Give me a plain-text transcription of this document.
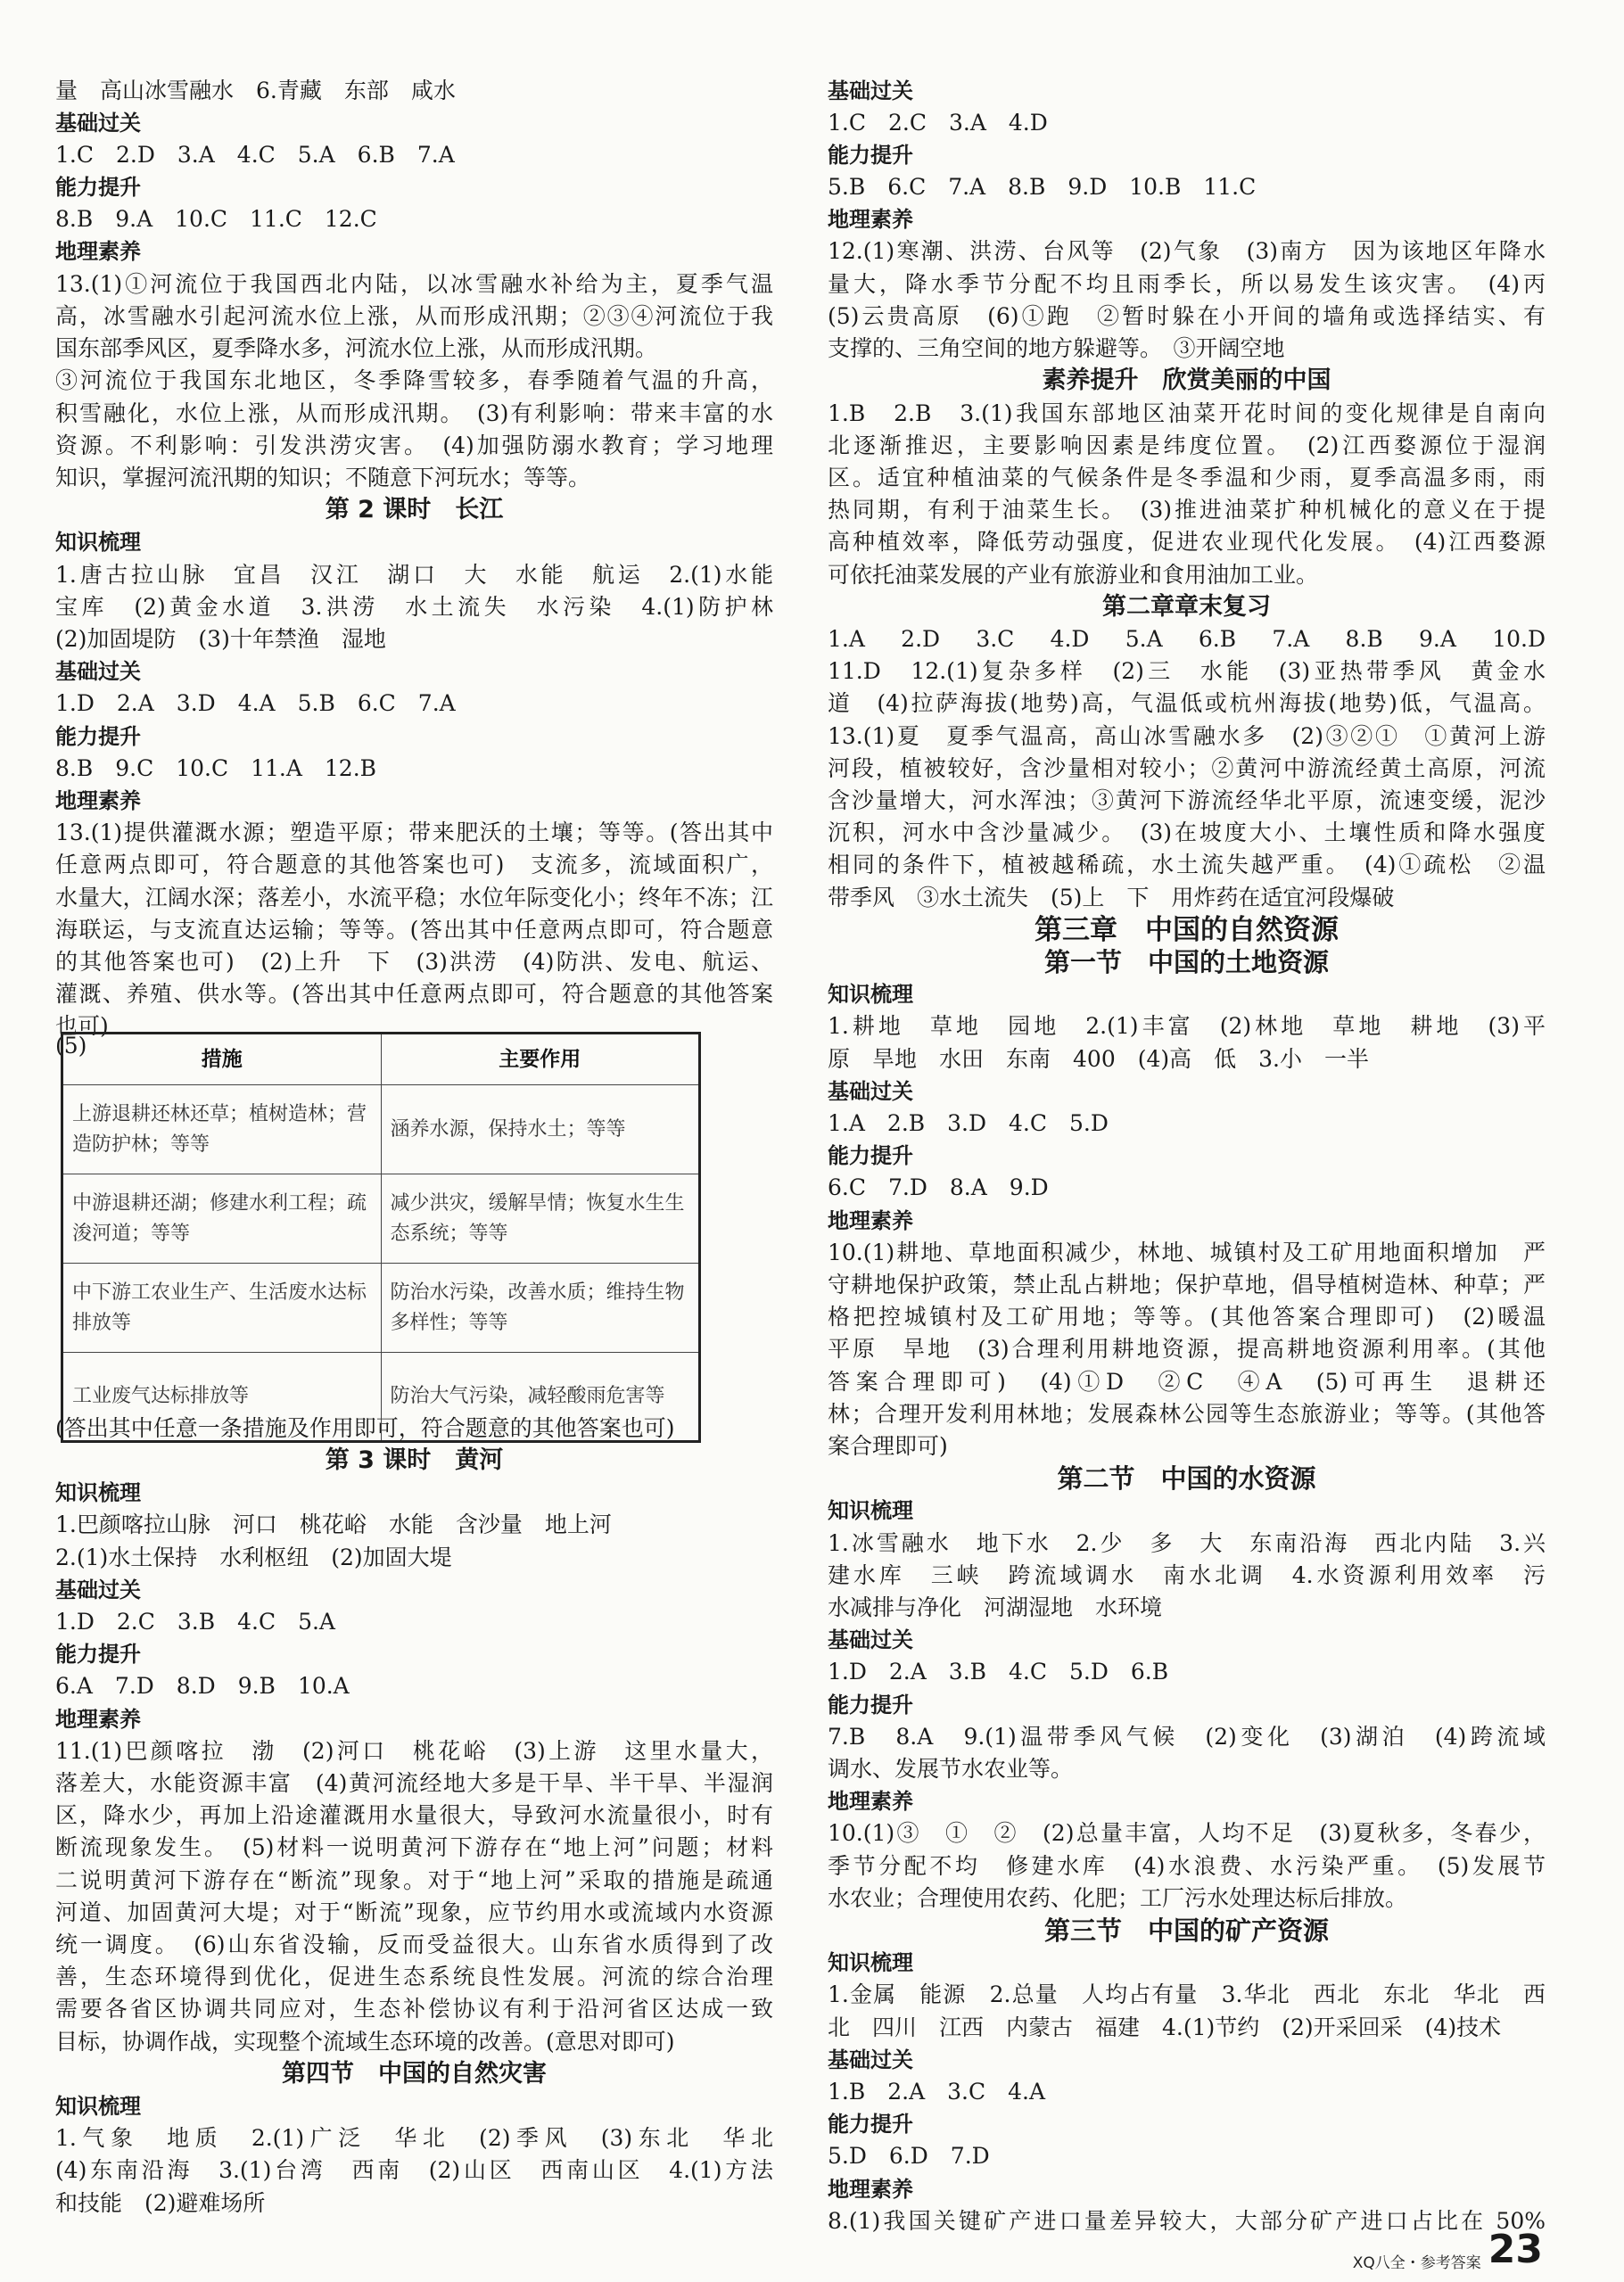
量　高山冰雪融水　6.青藏　东部　咸水
基础过关
1.C　2.D　3.A　4.C　5.A　6.B　7.A
能力提升
8.B　9.A　10.C　11.C　12.C
地理素养
13.(1)①河流位于我国西北内陆，以冰雪融水补给为主，夏季气温
高，冰雪融水引起河流水位上涨，从而形成汛期；②③④河流位于我
国东部季风区，夏季降水多，河流水位上涨，从而形成汛期。
③河流位于我国东北地区，冬季降雪较多，春季随着气温的升高，
积雪融化，水位上涨，从而形成汛期。　(3)有利影响：带来丰富的水
资源。不利影响：引发洪涝灾害。　(4)加强防溺水教育；学习地理
知识，掌握河流汛期的知识；不随意下河玩水；等等。
第 2 课时　长江
知识梳理
1.唐古拉山脉　宜昌　汉江　湖口　大　水能　航运　2.(1)水能
宝库　(2)黄金水道　3.洪涝　水土流失　水污染　4.(1)防护林
(2)加固堤防　(3)十年禁渔　湿地
基础过关
1.D　2.A　3.D　4.A　5.B　6.C　7.A
能力提升
8.B　9.C　10.C　11.A　12.B
地理素养
13.(1)提供灌溉水源；塑造平原；带来肥沃的土壤；等等。(答出其中
任意两点即可，符合题意的其他答案也可)　支流多，流域面积广，
水量大，江阔水深；落差小，水流平稳；水位年际变化小；终年不冻；江
海联运，与支流直达运输；等等。(答出其中任意两点即可，符合题意
的其他答案也可)　(2)上升　下　(3)洪涝　(4)防洪、发电、航运、
灌溉、养殖、供水等。(答出其中任意两点即可，符合题意的其他答案
也可)
(5)
(答出其中任意一条措施及作用即可，符合题意的其他答案也可)
第 3 课时　黄河
知识梳理
1.巴颜喀拉山脉　河口　桃花峪　水能　含沙量　地上河
2.(1)水土保持　水利枢纽　(2)加固大堤
基础过关
1.D　2.C　3.B　4.C　5.A
能力提升
6.A　7.D　8.D　9.B　10.A
地理素养
11.(1)巴颜喀拉　渤　(2)河口　桃花峪　(3)上游　这里水量大，
落差大，水能资源丰富　(4)黄河流经地大多是干旱、半干旱、半湿润
区，降水少，再加上沿途灌溉用水量很大，导致河水流量很小，时有
断流现象发生。　(5)材料一说明黄河下游存在“地上河”问题；材料
二说明黄河下游存在“断流”现象。对于“地上河”采取的措施是疏通
河道、加固黄河大堤；对于“断流”现象，应节约用水或流域内水资源
统一调度。　(6)山东省没输，反而受益很大。山东省水质得到了改
善，生态环境得到优化，促进生态系统良性发展。河流的综合治理
需要各省区协调共同应对，生态补偿协议有利于沿河省区达成一致
目标，协调作战，实现整个流域生态环境的改善。(意思对即可)
第四节　中国的自然灾害
知识梳理
1.气象　地质　2.(1)广泛　华北　(2)季风　(3)东北　华北
(4)东南沿海　3.(1)台湾　西南　(2)山区　西南山区　4.(1)方法
和技能　(2)避难场所
基础过关
1.C　2.C　3.A　4.D
能力提升
5.B　6.C　7.A　8.B　9.D　10.B　11.C
地理素养
12.(1)寒潮、洪涝、台风等　(2)气象　(3)南方　因为该地区年降水
量大，降水季节分配不均且雨季长，所以易发生该灾害。　(4)丙
(5)云贵高原　(6)①跑　②暂时躲在小开间的墙角或选择结实、有
支撑的、三角空间的地方躲避等。　③开阔空地
素养提升　欣赏美丽的中国
1.B　2.B　3.(1)我国东部地区油菜开花时间的变化规律是自南向
北逐渐推迟，主要影响因素是纬度位置。　(2)江西婺源位于湿润
区。适宜种植油菜的气候条件是冬季温和少雨，夏季高温多雨，雨
热同期，有利于油菜生长。　(3)推进油菜扩种机械化的意义在于提
高种植效率，降低劳动强度，促进农业现代化发展。　(4)江西婺源
可依托油菜发展的产业有旅游业和食用油加工业。
第二章章末复习
1.A　2.D　3.C　4.D　5.A　6.B　7.A　8.B　9.A　10.D
11.D　12.(1)复杂多样　(2)三　水能　(3)亚热带季风　黄金水
道　(4)拉萨海拔(地势)高，气温低或杭州海拔(地势)低，气温高。
13.(1)夏　夏季气温高，高山冰雪融水多　(2)③②①　①黄河上游
河段，植被较好，含沙量相对较小；②黄河中游流经黄土高原，河流
含沙量增大，河水浑浊；③黄河下游流经华北平原，流速变缓，泥沙
沉积，河水中含沙量减少。　(3)在坡度大小、土壤性质和降水强度
相同的条件下，植被越稀疏，水土流失越严重。　(4)①疏松　②温
带季风　③水土流失　(5)上　下　用炸药在适宜河段爆破
第三章　中国的自然资源
第一节　中国的土地资源
知识梳理
1.耕地　草地　园地　2.(1)丰富　(2)林地　草地　耕地　(3)平
原　旱地　水田　东南　400　(4)高　低　3.小　一半
基础过关
1.A　2.B　3.D　4.C　5.D
能力提升
6.C　7.D　8.A　9.D
地理素养
10.(1)耕地、草地面积减少，林地、城镇村及工矿用地面积增加　严
守耕地保护政策，禁止乱占耕地；保护草地，倡导植树造林、种草；严
格把控城镇村及工矿用地；等等。(其他答案合理即可)　(2)暖温
平原　旱地　(3)合理利用耕地资源，提高耕地资源利用率。(其他
答案合理即可)　(4)①D　②C　④A　(5)可再生　退耕还
林；合理开发利用林地；发展森林公园等生态旅游业；等等。(其他答
案合理即可)
第二节　中国的水资源
知识梳理
1.冰雪融水　地下水　2.少　多　大　东南沿海　西北内陆　3.兴
建水库　三峡　跨流域调水　南水北调　4.水资源利用效率　污
水减排与净化　河湖湿地　水环境
基础过关
1.D　2.A　3.B　4.C　5.D　6.B
能力提升
7.B　8.A　9.(1)温带季风气候　(2)变化　(3)湖泊　(4)跨流域
调水、发展节水农业等。
地理素养
10.(1)③　①　②　(2)总量丰富，人均不足　(3)夏秋多，冬春少，
季节分配不均　修建水库　(4)水浪费、水污染严重。　(5)发展节
水农业；合理使用农药、化肥；工厂污水处理达标后排放。
第三节　中国的矿产资源
知识梳理
1.金属　能源　2.总量　人均占有量　3.华北　西北　东北　华北　西
北　四川　江西　内蒙古　福建　4.(1)节约　(2)开采回采　(4)技术
基础过关
1.B　2.A　3.C　4.A
能力提升
5.D　6.D　7.D
地理素养
8.(1)我国关键矿产进口量差异较大，大部分矿产进口占比在 50%
措施	主要作用
上游退耕还林还草；植树造林；营造防护林；等等	涵养水源，保持水土；等等
中游退耕还湖；修建水利工程；疏浚河道；等等	减少洪灾，缓解旱情；恢复水生生态系统；等等
中下游工农业生产、生活废水达标排放等	防治水污染，改善水质；维持生物多样性；等等
工业废气达标排放等	防治大气污染，减轻酸雨危害等
XQ八全・参考答案 23
